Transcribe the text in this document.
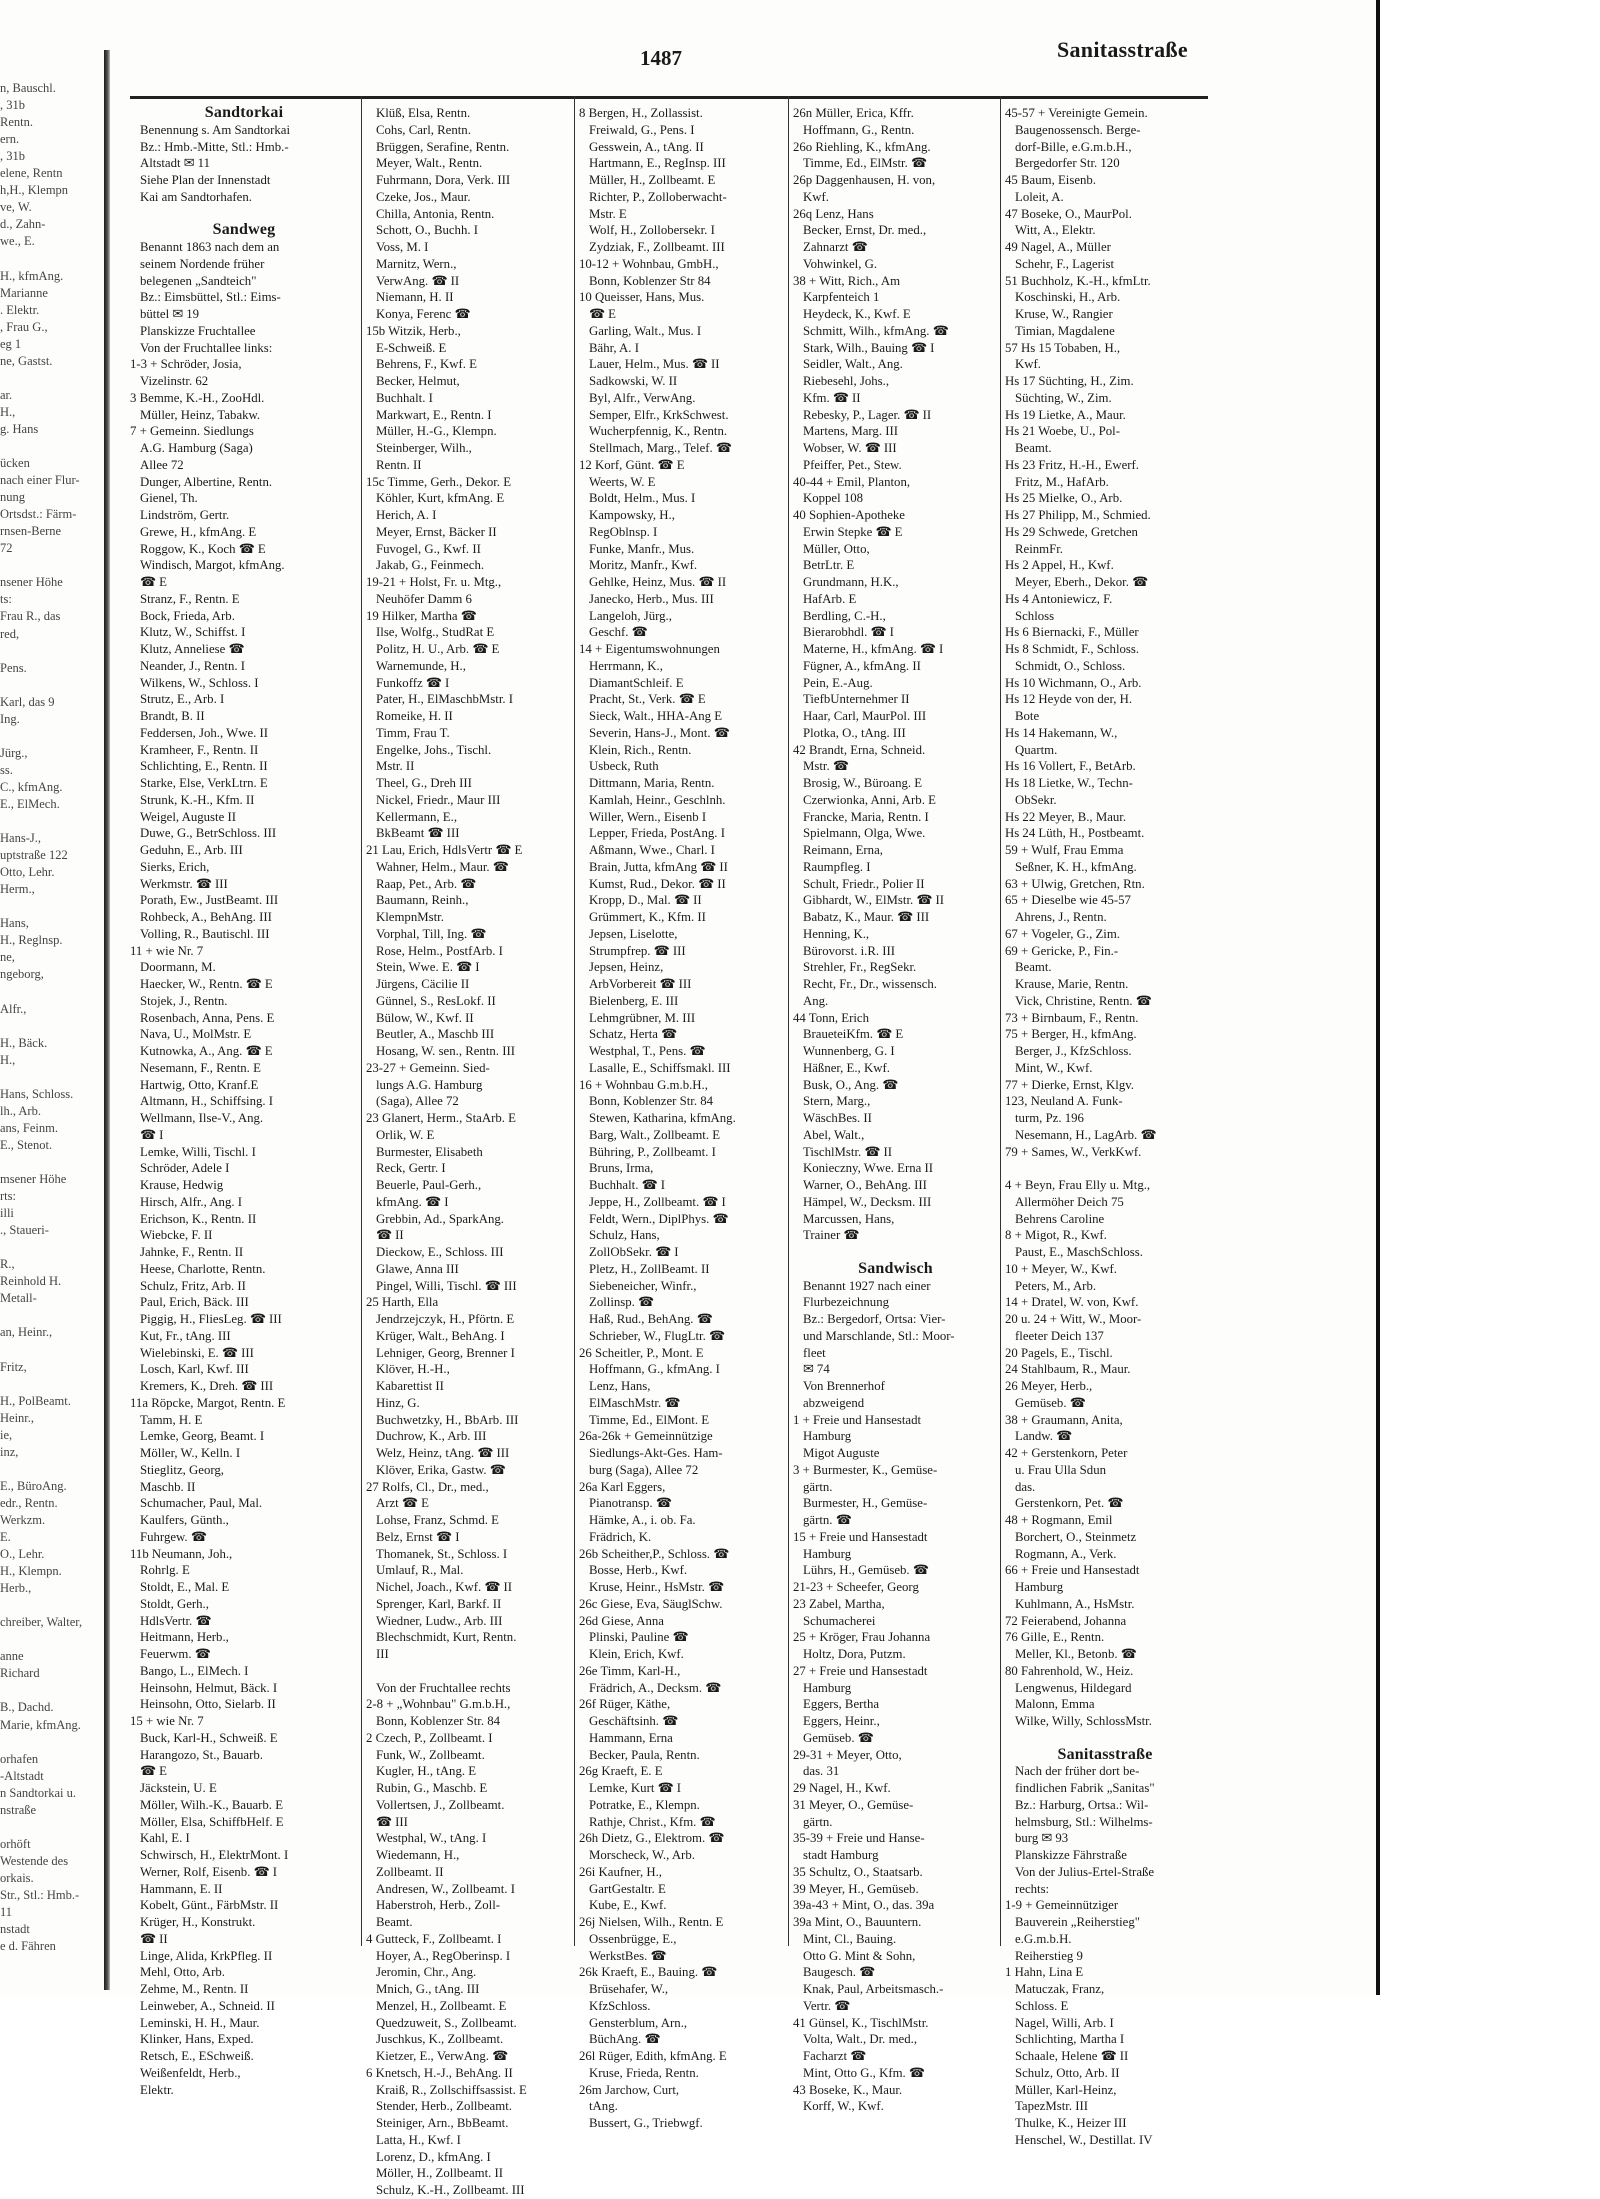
n, Bauschl.
, 31b
Rentn.
ern.
, 31b
elene, Rentn
h,H., Klempn
ve, W.
d., Zahn-
we., E.
H., kfmAng.
Marianne
. Elektr.
, Frau G.,
eg 1
ne, Gastst.
ar.
H.,
g. Hans
ücken
nach einer Flur-
nung
Ortsdst.: Färm-
rnsen-Berne
72
nsener Höhe
ts:
Frau R., das
red,
Pens.
Karl, das 9
Ing.
Jürg.,
ss.
C., kfmAng.
E., ElMech.
Hans-J.,
uptstraße 122
Otto, Lehr.
Herm.,
Hans,
H., Reglnsp.
ne,
ngeborg,
Alfr.,
H., Bäck.
H.,
Hans, Schloss.
lh., Arb.
ans, Feinm.
E., Stenot.
msener Höhe
rts:
illi
., Staueri-
R.,
Reinhold H.
Metall-
an, Heinr.,
Fritz,
H., PolBeamt.
Heinr.,
ie,
inz,
E., BüroAng.
edr., Rentn.
Werkzm.
E.
O., Lehr.
H., Klempn.
Herb.,
chreiber, Walter,
anne
Richard
B., Dachd.
Marie, kfmAng.
orhafen
-Altstadt
n Sandtorkai u.
nstraße
orhöft
Westende des
orkais.
Str., Stl.: Hmb.-
11
nstadt
e d. Fähren
1487	Sanitasstraße
Sandtorkai
Benennung s. Am Sandtorkai
Bz.: Hmb.-Mitte, Stl.: Hmb.-
Altstadt ✉ 11
Siehe Plan der Innenstadt
Kai am Sandtorhafen.
Sandweg
Benannt 1863 nach dem an
seinem Nordende früher
belegenen „Sandteich"
Bz.: Eimsbüttel, Stl.: Eims-
büttel ✉ 19
Planskizze Fruchtallee
Von der Fruchtallee links:
1-3 + Schröder, Josia,
Vizelinstr. 62
3 Bemme, K.-H., ZooHdl.
Müller, Heinz, Tabakw.
7 + Gemeinn. Siedlungs
A.G. Hamburg (Saga)
Allee 72
Dunger, Albertine, Rentn.
Gienel, Th.
Lindström, Gertr.
Grewe, H., kfmAng. E
Roggow, K., Koch ☎ E
Windisch, Margot, kfmAng.
☎ E
Stranz, F., Rentn. E
Bock, Frieda, Arb.
Klutz, W., Schiffst. I
Klutz, Anneliese ☎
Neander, J., Rentn. I
Wilkens, W., Schloss. I
Strutz, E., Arb. I
Brandt, B. II
Feddersen, Joh., Wwe. II
Kramheer, F., Rentn. II
Schlichting, E., Rentn. II
Starke, Else, VerkLtrn. E
Strunk, K.-H., Kfm. II
Weigel, Auguste II
Duwe, G., BetrSchloss. III
Geduhn, E., Arb. III
Sierks, Erich,
Werkmstr. ☎ III
Porath, Ew., JustBeamt. III
Rohbeck, A., BehAng. III
Volling, R., Bautischl. III
11 + wie Nr. 7
Doormann, M.
Haecker, W., Rentn. ☎ E
Stojek, J., Rentn.
Rosenbach, Anna, Pens. E
Nava, U., MolMstr. E
Kutnowka, A., Ang. ☎ E
Nesemann, F., Rentn. E
Hartwig, Otto, Kranf.E
Altmann, H., Schiffsing. I
Wellmann, Ilse-V., Ang.
☎ I
Lemke, Willi, Tischl. I
Schröder, Adele I
Krause, Hedwig
Hirsch, Alfr., Ang. I
Erichson, K., Rentn. II
Wiebcke, F. II
Jahnke, F., Rentn. II
Heese, Charlotte, Rentn.
Schulz, Fritz, Arb. II
Paul, Erich, Bäck. III
Piggig, H., FliesLeg. ☎ III
Kut, Fr., tAng. III
Wielebinski, E. ☎ III
Losch, Karl, Kwf. III
Kremers, K., Dreh. ☎ III
11a Röpcke, Margot, Rentn. E
Tamm, H. E
Lemke, Georg, Beamt. I
Möller, W., Kelln. I
Stieglitz, Georg,
Maschb. II
Schumacher, Paul, Mal.
Kaulfers, Günth.,
Fuhrgew. ☎
11b Neumann, Joh.,
Rohrlg. E
Stoldt, E., Mal. E
Stoldt, Gerh.,
HdlsVertr. ☎
Heitmann, Herb.,
Feuerwm. ☎
Bango, L., ElMech. I
Heinsohn, Helmut, Bäck. I
Heinsohn, Otto, Sielarb. II
15 + wie Nr. 7
Buck, Karl-H., Schweiß. E
Harangozo, St., Bauarb.
☎ E
Jäckstein, U. E
Möller, Wilh.-K., Bauarb. E
Möller, Elsa, SchiffbHelf. E
Kahl, E. I
Schwirsch, H., ElektrMont. I
Werner, Rolf, Eisenb. ☎ I
Hammann, E. II
Kobelt, Günt., FärbMstr. II
Krüger, H., Konstrukt.
☎ II
Linge, Alida, KrkPfleg. II
Mehl, Otto, Arb.
Zehme, M., Rentn. II
Leinweber, A., Schneid. II
Leminski, H. H., Maur.
Klinker, Hans, Exped.
Retsch, E., ESchweiß.
Weißenfeldt, Herb.,
Elektr.
Klüß, Elsa, Rentn.
Cohs, Carl, Rentn.
Brüggen, Serafine, Rentn.
Meyer, Walt., Rentn.
Fuhrmann, Dora, Verk. III
Czeke, Jos., Maur.
Chilla, Antonia, Rentn.
Schott, O., Buchh. I
Voss, M. I
Marnitz, Wern.,
VerwAng. ☎ II
Niemann, H. II
Konya, Ferenc ☎
15b Witzik, Herb.,
E-Schweiß. E
Behrens, F., Kwf. E
Becker, Helmut,
Buchhalt. I
Markwart, E., Rentn. I
Müller, H.-G., Klempn.
Steinberger, Wilh.,
Rentn. II
15c Timme, Gerh., Dekor. E
Köhler, Kurt, kfmAng. E
Herich, A. I
Meyer, Ernst, Bäcker II
Fuvogel, G., Kwf. II
Jakab, G., Feinmech.
19-21 + Holst, Fr. u. Mtg.,
Neuhöfer Damm 6
19 Hilker, Martha ☎
Ilse, Wolfg., StudRat E
Politz, H. U., Arb. ☎ E
Warnemunde, H.,
Funkoffz ☎ I
Pater, H., ElMaschbMstr. I
Romeike, H. II
Timm, Frau T.
Engelke, Johs., Tischl.
Mstr. II
Theel, G., Dreh III
Nickel, Friedr., Maur III
Kellermann, E.,
BkBeamt ☎ III
21 Lau, Erich, HdlsVertr ☎ E
Wahner, Helm., Maur. ☎
Raap, Pet., Arb. ☎
Baumann, Reinh.,
KlempnMstr.
Vorphal, Till, Ing. ☎
Rose, Helm., PostfArb. I
Stein, Wwe. E. ☎ I
Jürgens, Cäcilie II
Günnel, S., ResLokf. II
Bülow, W., Kwf. II
Beutler, A., Maschb III
Hosang, W. sen., Rentn. III
23-27 + Gemeinn. Sied-
lungs A.G. Hamburg
(Saga), Allee 72
23 Glanert, Herm., StaArb. E
Orlik, W. E
Burmester, Elisabeth
Reck, Gertr. I
Beuerle, Paul-Gerh.,
kfmAng. ☎ I
Grebbin, Ad., SparkAng.
☎ II
Dieckow, E., Schloss. III
Glawe, Anna III
Pingel, Willi, Tischl. ☎ III
25 Harth, Ella
Jendrzejczyk, H., Pförtn. E
Krüger, Walt., BehAng. I
Lehniger, Georg, Brenner I
Klöver, H.-H.,
Kabarettist II
Hinz, G.
Buchwetzky, H., BbArb. III
Duchrow, K., Arb. III
Welz, Heinz, tAng. ☎ III
Klöver, Erika, Gastw. ☎
27 Rolfs, Cl., Dr., med.,
Arzt ☎ E
Lohse, Franz, Schmd. E
Belz, Ernst ☎ I
Thomanek, St., Schloss. I
Umlauf, R., Mal.
Nichel, Joach., Kwf. ☎ II
Sprenger, Karl, Barkf. II
Wiedner, Ludw., Arb. III
Blechschmidt, Kurt, Rentn.
III
Von der Fruchtallee rechts
2-8 + „Wohnbau" G.m.b.H.,
Bonn, Koblenzer Str. 84
2 Czech, P., Zollbeamt. I
Funk, W., Zollbeamt.
Kugler, H., tAng. E
Rubin, G., Maschb. E
Vollertsen, J., Zollbeamt.
☎ III
Westphal, W., tAng. I
Wiedemann, H.,
Zollbeamt. II
Andresen, W., Zollbeamt. I
Haberstroh, Herb., Zoll-
Beamt.
4 Gutteck, F., Zollbeamt. I
Hoyer, A., RegOberinsp. I
Jeromin, Chr., Ang.
Mnich, G., tAng. III
Menzel, H., Zollbeamt. E
Quedzuweit, S., Zollbeamt.
Juschkus, K., Zollbeamt.
Kietzer, E., VerwAng. ☎
6 Knetsch, H.-J., BehAng. II
Kraiß, R., Zollschiffsassist. E
Stender, Herb., Zollbeamt.
Steiniger, Arn., BbBeamt.
Latta, H., Kwf. I
Lorenz, D., kfmAng. I
Möller, H., Zollbeamt. II
Schulz, K.-H., Zollbeamt. III
8 Bergen, H., Zollassist.
Freiwald, G., Pens. I
Gesswein, A., tAng. II
Hartmann, E., RegInsp. III
Müller, H., Zollbeamt. E
Richter, P., Zolloberwacht-
Mstr. E
Wolf, H., Zollobersekr. I
Zydziak, F., Zollbeamt. III
10-12 + Wohnbau, GmbH.,
Bonn, Koblenzer Str 84
10 Queisser, Hans, Mus.
☎ E
Garling, Walt., Mus. I
Bähr, A. I
Lauer, Helm., Mus. ☎ II
Sadkowski, W. II
Byl, Alfr., VerwAng.
Semper, Elfr., KrkSchwest.
Wucherpfennig, K., Rentn.
Stellmach, Marg., Telef. ☎
12 Korf, Günt. ☎ E
Weerts, W. E
Boldt, Helm., Mus. I
Kampowsky, H.,
RegOblnsp. I
Funke, Manfr., Mus.
Moritz, Manfr., Kwf.
Gehlke, Heinz, Mus. ☎ II
Janecko, Herb., Mus. III
Langeloh, Jürg.,
Geschf. ☎
14 + Eigentumswohnungen
Herrmann, K.,
DiamantSchleif. E
Pracht, St., Verk. ☎ E
Sieck, Walt., HHA-Ang E
Severin, Hans-J., Mont. ☎
Klein, Rich., Rentn.
Usbeck, Ruth
Dittmann, Maria, Rentn.
Kamlah, Heinr., Geschlnh.
Willer, Wern., Eisenb I
Lepper, Frieda, PostAng. I
Aßmann, Wwe., Charl. I
Brain, Jutta, kfmAng ☎ II
Kumst, Rud., Dekor. ☎ II
Kropp, D., Mal. ☎ II
Grümmert, K., Kfm. II
Jepsen, Liselotte,
Strumpfrep. ☎ III
Jepsen, Heinz,
ArbVorbereit ☎ III
Bielenberg, E. III
Lehmgrübner, M. III
Schatz, Herta ☎
Westphal, T., Pens. ☎
Lasalle, E., Schiffsmakl. III
16 + Wohnbau G.m.b.H.,
Bonn, Koblenzer Str. 84
Stewen, Katharina, kfmAng.
Barg, Walt., Zollbeamt. E
Bühring, P., Zollbeamt. I
Bruns, Irma,
Buchhalt. ☎ I
Jeppe, H., Zollbeamt. ☎ I
Feldt, Wern., DiplPhys. ☎
Schulz, Hans,
ZollObSekr. ☎ I
Pletz, H., ZollBeamt. II
Siebeneicher, Winfr.,
Zollinsp. ☎
Haß, Rud., BehAng. ☎
Schrieber, W., FlugLtr. ☎
26 Scheitler, P., Mont. E
Hoffmann, G., kfmAng. I
Lenz, Hans,
ElMaschMstr. ☎
Timme, Ed., ElMont. E
26a-26k + Gemeinnützige
Siedlungs-Akt-Ges. Ham-
burg (Saga), Allee 72
26a Karl Eggers,
Pianotransp. ☎
Hämke, A., i. ob. Fa.
Frädrich, K.
26b Scheither,P., Schloss. ☎
Bosse, Herb., Kwf.
Kruse, Heinr., HsMstr. ☎
26c Giese, Eva, SäuglSchw.
26d Giese, Anna
Plinski, Pauline ☎
Klein, Erich, Kwf.
26e Timm, Karl-H.,
Frädrich, A., Decksm. ☎
26f Rüger, Käthe,
Geschäftsinh. ☎
Hammann, Erna
Becker, Paula, Rentn.
26g Kraeft, E. E
Lemke, Kurt ☎ I
Potratke, E., Klempn.
Rathje, Christ., Kfm. ☎
26h Dietz, G., Elektrom. ☎
Morscheck, W., Arb.
26i Kaufner, H.,
GartGestaltr. E
Kube, E., Kwf.
26j Nielsen, Wilh., Rentn. E
Ossenbrügge, E.,
WerkstBes. ☎
26k Kraeft, E., Bauing. ☎
Brüsehafer, W.,
KfzSchloss.
Gensterblum, Arn.,
BüchAng. ☎
26l Rüger, Edith, kfmAng. E
Kruse, Frieda, Rentn.
26m Jarchow, Curt,
tAng.
Bussert, G., Triebwgf.
26n Müller, Erica, Kffr.
Hoffmann, G., Rentn.
26o Riehling, K., kfmAng.
Timme, Ed., ElMstr. ☎
26p Daggenhausen, H. von,
Kwf.
26q Lenz, Hans
Becker, Ernst, Dr. med.,
Zahnarzt ☎
Vohwinkel, G.
38 + Witt, Rich., Am
Karpfenteich 1
Heydeck, K., Kwf. E
Schmitt, Wilh., kfmAng. ☎
Stark, Wilh., Bauing ☎ I
Seidler, Walt., Ang.
Riebesehl, Johs.,
Kfm. ☎ II
Rebesky, P., Lager. ☎ II
Martens, Marg. III
Wobser, W. ☎ III
Pfeiffer, Pet., Stew.
40-44 + Emil, Planton,
Koppel 108
40 Sophien-Apotheke
Erwin Stepke ☎ E
Müller, Otto,
BetrLtr. E
Grundmann, H.K.,
HafArb. E
Berdling, C.-H.,
Bierarobhdl. ☎ I
Materne, H., kfmAng. ☎ I
Fügner, A., kfmAng. II
Pein, E.-Aug.
TiefbUnternehmer II
Haar, Carl, MaurPol. III
Plotka, O., tAng. III
42 Brandt, Erna, Schneid.
Mstr. ☎
Brosig, W., Büroang. E
Czerwionka, Anni, Arb. E
Francke, Maria, Rentn. I
Spielmann, Olga, Wwe.
Reimann, Erna,
Raumpfleg. I
Schult, Friedr., Polier II
Gibhardt, W., ElMstr. ☎ II
Babatz, K., Maur. ☎ III
Henning, K.,
Bürovorst. i.R. III
Strehler, Fr., RegSekr.
Recht, Fr., Dr., wissensch.
Ang.
44 Tonn, Erich
BraueteiKfm. ☎ E
Wunnenberg, G. I
Häßner, E., Kwf.
Busk, O., Ang. ☎
Stern, Marg.,
WäschBes. II
Abel, Walt.,
TischlMstr. ☎ II
Konieczny, Wwe. Erna II
Warner, O., BehAng. III
Hämpel, W., Decksm. III
Marcussen, Hans,
Trainer ☎
Sandwisch
Benannt 1927 nach einer
Flurbezeichnung
Bz.: Bergedorf, Ortsa: Vier-
und Marschlande, Stl.: Moor-
fleet
✉ 74
Von Brennerhof
abzweigend
1 + Freie und Hansestadt
Hamburg
Migot Auguste
3 + Burmester, K., Gemüse-
gärtn.
Burmester, H., Gemüse-
gärtn. ☎
15 + Freie und Hansestadt
Hamburg
Lührs, H., Gemüseb. ☎
21-23 + Scheefer, Georg
23 Zabel, Martha,
Schumacherei
25 + Kröger, Frau Johanna
Holtz, Dora, Putzm.
27 + Freie und Hansestadt
Hamburg
Eggers, Bertha
Eggers, Heinr.,
Gemüseb. ☎
29-31 + Meyer, Otto,
das. 31
29 Nagel, H., Kwf.
31 Meyer, O., Gemüse-
gärtn.
35-39 + Freie und Hanse-
stadt Hamburg
35 Schultz, O., Staatsarb.
39 Meyer, H., Gemüseb.
39a-43 + Mint, O., das. 39a
39a Mint, O., Bauuntern.
Mint, Cl., Bauing.
Otto G. Mint & Sohn,
Baugesch. ☎
Knak, Paul, Arbeitsmasch.-
Vertr. ☎
41 Günsel, K., TischlMstr.
Volta, Walt., Dr. med.,
Facharzt ☎
Mint, Otto G., Kfm. ☎
43 Boseke, K., Maur.
Korff, W., Kwf.
45-57 + Vereinigte Gemein.
Baugenossensch. Berge-
dorf-Bille, e.G.m.b.H.,
Bergedorfer Str. 120
45 Baum, Eisenb.
Loleit, A.
47 Boseke, O., MaurPol.
Witt, A., Elektr.
49 Nagel, A., Müller
Schehr, F., Lagerist
51 Buchholz, K.-H., kfmLtr.
Koschinski, H., Arb.
Kruse, W., Rangier
Timian, Magdalene
57 Hs 15 Tobaben, H.,
Kwf.
Hs 17 Süchting, H., Zim.
Süchting, W., Zim.
Hs 19 Lietke, A., Maur.
Hs 21 Woebe, U., Pol-
Beamt.
Hs 23 Fritz, H.-H., Ewerf.
Fritz, M., HafArb.
Hs 25 Mielke, O., Arb.
Hs 27 Philipp, M., Schmied.
Hs 29 Schwede, Gretchen
ReinmFr.
Hs 2 Appel, H., Kwf.
Meyer, Eberh., Dekor. ☎
Hs 4 Antoniewicz, F.
Schloss
Hs 6 Biernacki, F., Müller
Hs 8 Schmidt, F., Schloss.
Schmidt, O., Schloss.
Hs 10 Wichmann, O., Arb.
Hs 12 Heyde von der, H.
Bote
Hs 14 Hakemann, W.,
Quartm.
Hs 16 Vollert, F., BetArb.
Hs 18 Lietke, W., Techn-
ObSekr.
Hs 22 Meyer, B., Maur.
Hs 24 Lüth, H., Postbeamt.
59 + Wulf, Frau Emma
Seßner, K. H., kfmAng.
63 + Ulwig, Gretchen, Rtn.
65 + Dieselbe wie 45-57
Ahrens, J., Rentn.
67 + Vogeler, G., Zim.
69 + Gericke, P., Fin.-
Beamt.
Krause, Marie, Rentn.
Vick, Christine, Rentn. ☎
73 + Birnbaum, F., Rentn.
75 + Berger, H., kfmAng.
Berger, J., KfzSchloss.
Mint, W., Kwf.
77 + Dierke, Ernst, Klgv.
123, Neuland A. Funk-
turm, Pz. 196
Nesemann, H., LagArb. ☎
79 + Sames, W., VerkKwf.
4 + Beyn, Frau Elly u. Mtg.,
Allermöher Deich 75
Behrens Caroline
8 + Migot, R., Kwf.
Paust, E., MaschSchloss.
10 + Meyer, W., Kwf.
Peters, M., Arb.
14 + Dratel, W. von, Kwf.
20 u. 24 + Witt, W., Moor-
fleeter Deich 137
20 Pagels, E., Tischl.
24 Stahlbaum, R., Maur.
26 Meyer, Herb.,
Gemüseb. ☎
38 + Graumann, Anita,
Landw. ☎
42 + Gerstenkorn, Peter
u. Frau Ulla Sdun
das.
Gerstenkorn, Pet. ☎
48 + Rogmann, Emil
Borchert, O., Steinmetz
Rogmann, A., Verk.
66 + Freie und Hansestadt
Hamburg
Kuhlmann, A., HsMstr.
72 Feierabend, Johanna
76 Gille, E., Rentn.
Meller, Kl., Betonb. ☎
80 Fahrenhold, W., Heiz.
Lengwenus, Hildegard
Malonn, Emma
Wilke, Willy, SchlossMstr.
Sanitasstraße
Nach der früher dort be-
findlichen Fabrik „Sanitas"
Bz.: Harburg, Ortsa.: Wil-
helmsburg, Stl.: Wilhelms-
burg ✉ 93
Planskizze Fährstraße
Von der Julius-Ertel-Straße
rechts:
1-9 + Gemeinnütziger
Bauverein „Reiherstieg"
e.G.m.b.H.
Reiherstieg 9
1 Hahn, Lina E
Matuczak, Franz,
Schloss. E
Nagel, Willi, Arb. I
Schlichting, Martha I
Schaale, Helene ☎ II
Schulz, Otto, Arb. II
Müller, Karl-Heinz,
TapezMstr. III
Thulke, K., Heizer III
Henschel, W., Destillat. IV
